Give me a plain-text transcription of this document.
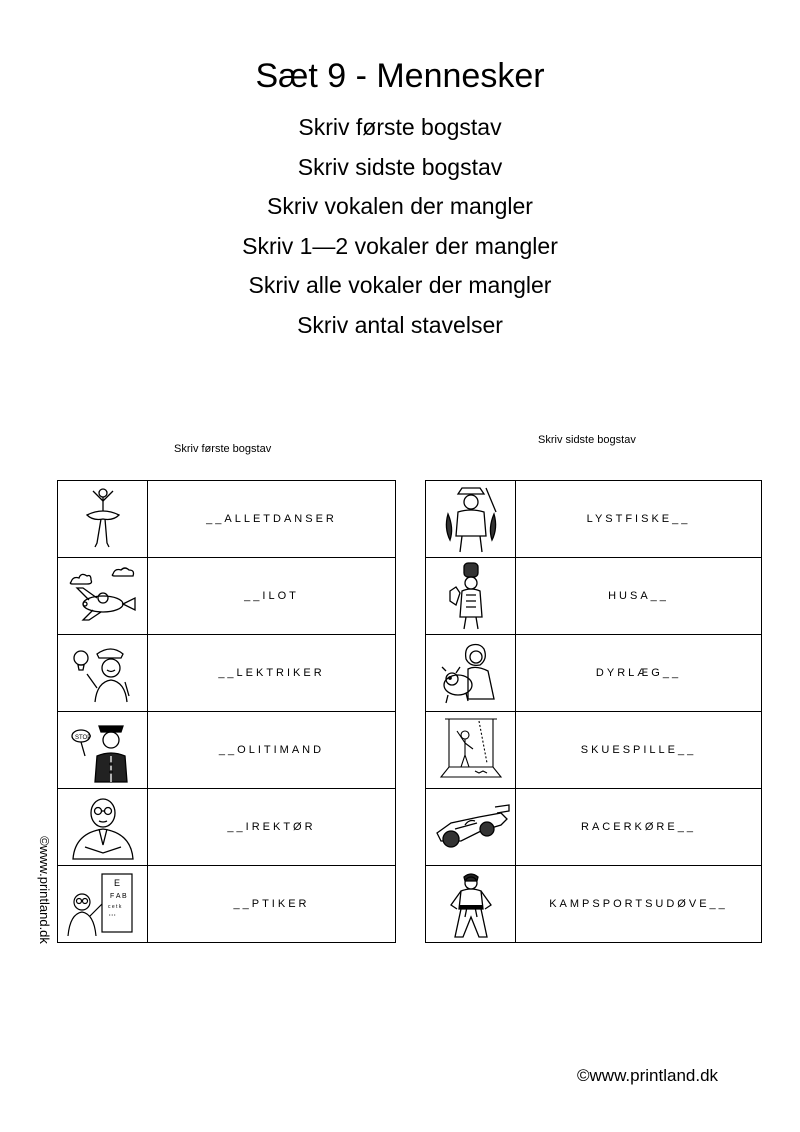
Sæt 9 - Mennesker
Skriv første bogstav
Skriv sidste bogstav
Skriv vokalen der mangler
Skriv 1—2 vokaler der mangler
Skriv alle vokaler der mangler
Skriv antal stavelser
Skriv første bogstav
Skriv sidste bogstav
	__ALLETDANSER

	__ILOT

	__LEKTRIKER

STOP	__OLITIMAND

	__IREKTØR

E
F A B
c e t k
• • •	__PTIKER
	LYSTFISKE__

	HUSA__

	DYRLÆG__

	SKUESPILLE__

	RACERKØRE__

	KAMPSPORTSUDØVE__
©www.printland.dk
©www.printland.dk
